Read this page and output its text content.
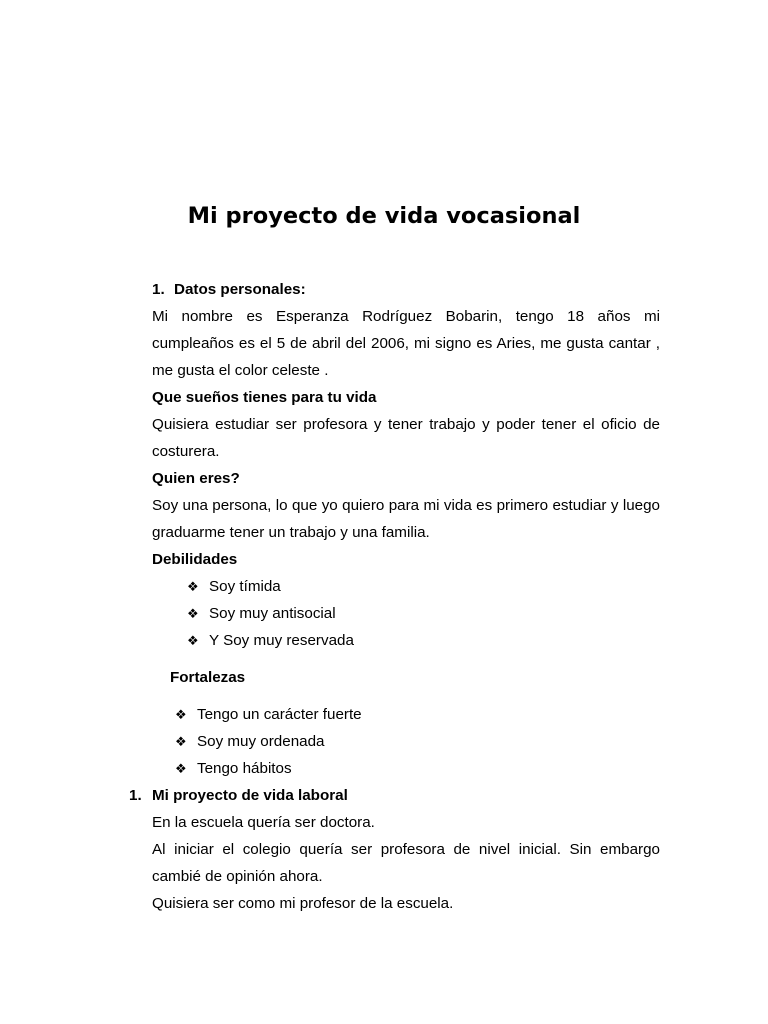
Mi proyecto de vida vocasional

1. Datos personales:

Mi nombre es Esperanza Rodríguez Bobarin, tengo 18 años mi cumpleaños es el 5 de abril del 2006, mi signo es Aries, me gusta cantar , me gusta el color celeste .

Que sueños tienes para tu vida

Quisiera estudiar ser profesora y tener trabajo y poder tener el oficio de costurera.

Quien eres?

Soy una persona, lo que yo quiero para mi vida es primero estudiar y luego graduarme tener un trabajo y una familia.

Debilidades

❖ Soy tímida
❖ Soy muy antisocial
❖ Y Soy muy reservada

Fortalezas

❖ Tengo un carácter fuerte
❖ Soy muy ordenada
❖ Tengo hábitos

1. Mi proyecto de vida laboral

En la escuela quería ser doctora.

Al iniciar el colegio quería ser profesora de nivel inicial. Sin embargo cambié de opinión ahora.

Quisiera ser como mi profesor de la escuela.
